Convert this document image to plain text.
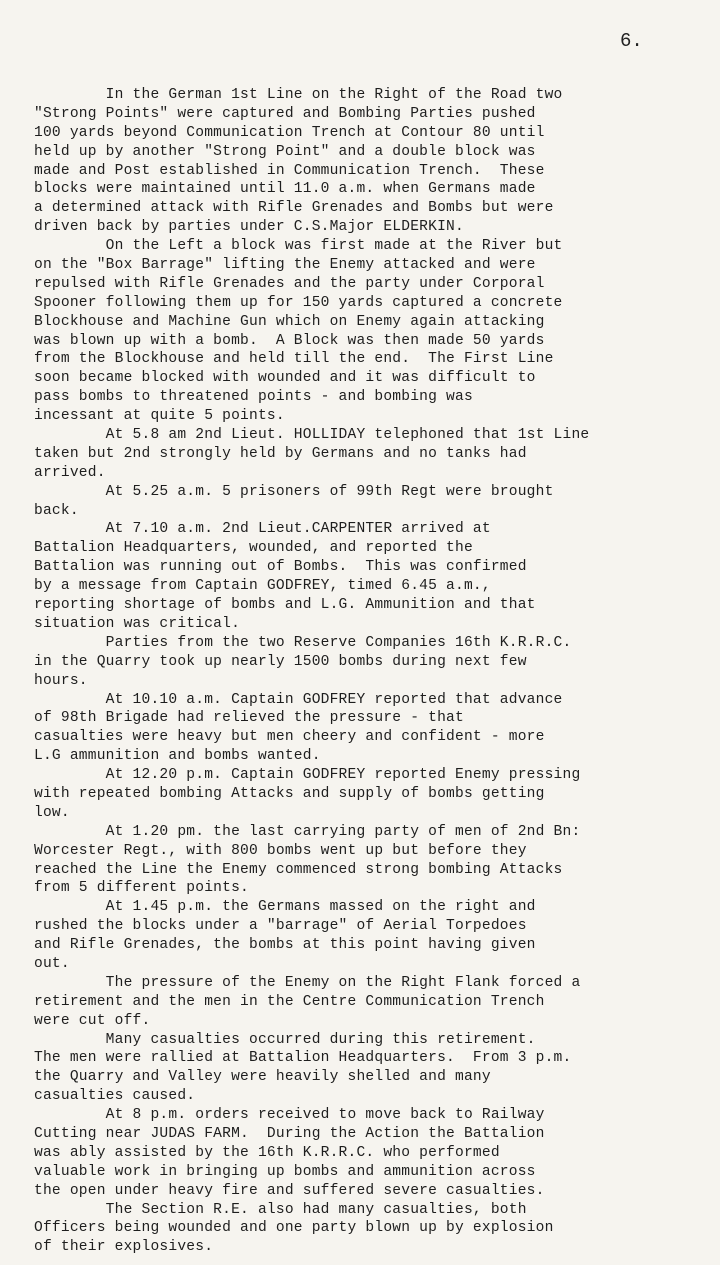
6.
In the German 1st Line on the Right of the Road two
"Strong Points" were captured and Bombing Parties pushed
100 yards beyond Communication Trench at Contour 80 until
held up by another "Strong Point" and a double block was
made and Post established in Communication Trench.  These
blocks were maintained until 11.0 a.m. when Germans made
a determined attack with Rifle Grenades and Bombs but were
driven back by parties under C.S.Major ELDERKIN.
On the Left a block was first made at the River but
on the "Box Barrage" lifting the Enemy attacked and were
repulsed with Rifle Grenades and the party under Corporal
Spooner following them up for 150 yards captured a concrete
Blockhouse and Machine Gun which on Enemy again attacking
was blown up with a bomb.  A Block was then made 50 yards
from the Blockhouse and held till the end.  The First Line
soon became blocked with wounded and it was difficult to
pass bombs to threatened points - and bombing was
incessant at quite 5 points.
At 5.8 am 2nd Lieut. HOLLIDAY telephoned that 1st Line
taken but 2nd strongly held by Germans and no tanks had
arrived.
At 5.25 a.m. 5 prisoners of 99th Regt were brought
back.
At 7.10 a.m. 2nd Lieut.CARPENTER arrived at
Battalion Headquarters, wounded, and reported the
Battalion was running out of Bombs.  This was confirmed
by a message from Captain GODFREY, timed 6.45 a.m.,
reporting shortage of bombs and L.G. Ammunition and that
situation was critical.
Parties from the two Reserve Companies 16th K.R.R.C.
in the Quarry took up nearly 1500 bombs during next few
hours.
At 10.10 a.m. Captain GODFREY reported that advance
of 98th Brigade had relieved the pressure - that
casualties were heavy but men cheery and confident - more
L.G ammunition and bombs wanted.
At 12.20 p.m. Captain GODFREY reported Enemy pressing
with repeated bombing Attacks and supply of bombs getting
low.
At 1.20 pm. the last carrying party of men of 2nd Bn:
Worcester Regt., with 800 bombs went up but before they
reached the Line the Enemy commenced strong bombing Attacks
from 5 different points.
At 1.45 p.m. the Germans massed on the right and
rushed the blocks under a "barrage" of Aerial Torpedoes
and Rifle Grenades, the bombs at this point having given
out.
The pressure of the Enemy on the Right Flank forced a
retirement and the men in the Centre Communication Trench
were cut off.
Many casualties occurred during this retirement.
The men were rallied at Battalion Headquarters.  From 3 p.m.
the Quarry and Valley were heavily shelled and many
casualties caused.
At 8 p.m. orders received to move back to Railway
Cutting near JUDAS FARM.  During the Action the Battalion
was ably assisted by the 16th K.R.R.C. who performed
valuable work in bringing up bombs and ammunition across
the open under heavy fire and suffered severe casualties.
The Section R.E. also had many casualties, both
Officers being wounded and one party blown up by explosion
of their explosives.
